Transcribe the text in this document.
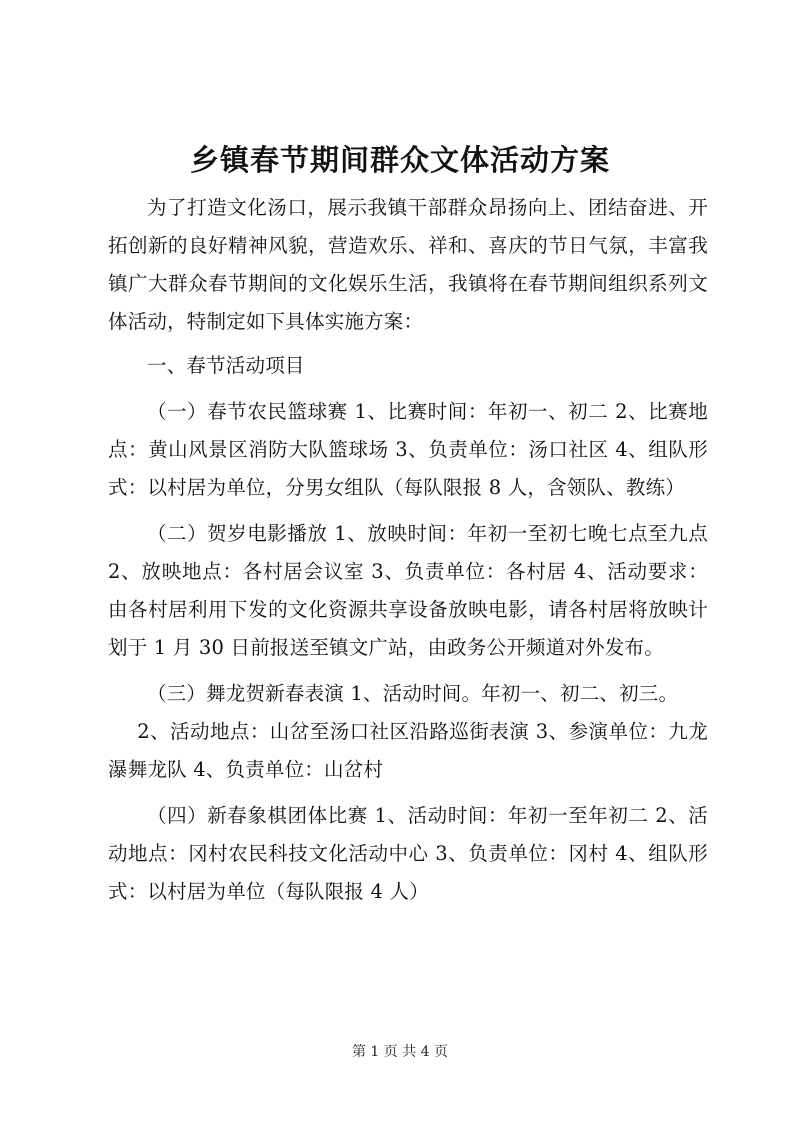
乡镇春节期间群众文体活动方案

为了打造文化汤口，展示我镇干部群众昂扬向上、团结奋进、开拓创新的良好精神风貌，营造欢乐、祥和、喜庆的节日气氛，丰富我镇广大群众春节期间的文化娱乐生活，我镇将在春节期间组织系列文体活动，特制定如下具体实施方案：

一、春节活动项目

（一）春节农民篮球赛 1、比赛时间：年初一、初二 2、比赛地点：黄山风景区消防大队篮球场 3、负责单位：汤口社区 4、组队形式：以村居为单位，分男女组队（每队限报 8 人，含领队、教练）

（二）贺岁电影播放 1、放映时间：年初一至初七晚七点至九点 2、放映地点：各村居会议室 3、负责单位：各村居 4、活动要求：由各村居利用下发的文化资源共享设备放映电影，请各村居将放映计划于 1 月 30 日前报送至镇文广站，由政务公开频道对外发布。

（三）舞龙贺新春表演 1、活动时间。年初一、初二、初三。

2、活动地点：山岔至汤口社区沿路巡街表演 3、参演单位：九龙瀑舞龙队 4、负责单位：山岔村

（四）新春象棋团体比赛 1、活动时间：年初一至年初二 2、活动地点：冈村农民科技文化活动中心 3、负责单位：冈村 4、组队形式：以村居为单位（每队限报 4 人）

第 1 页 共 4 页
